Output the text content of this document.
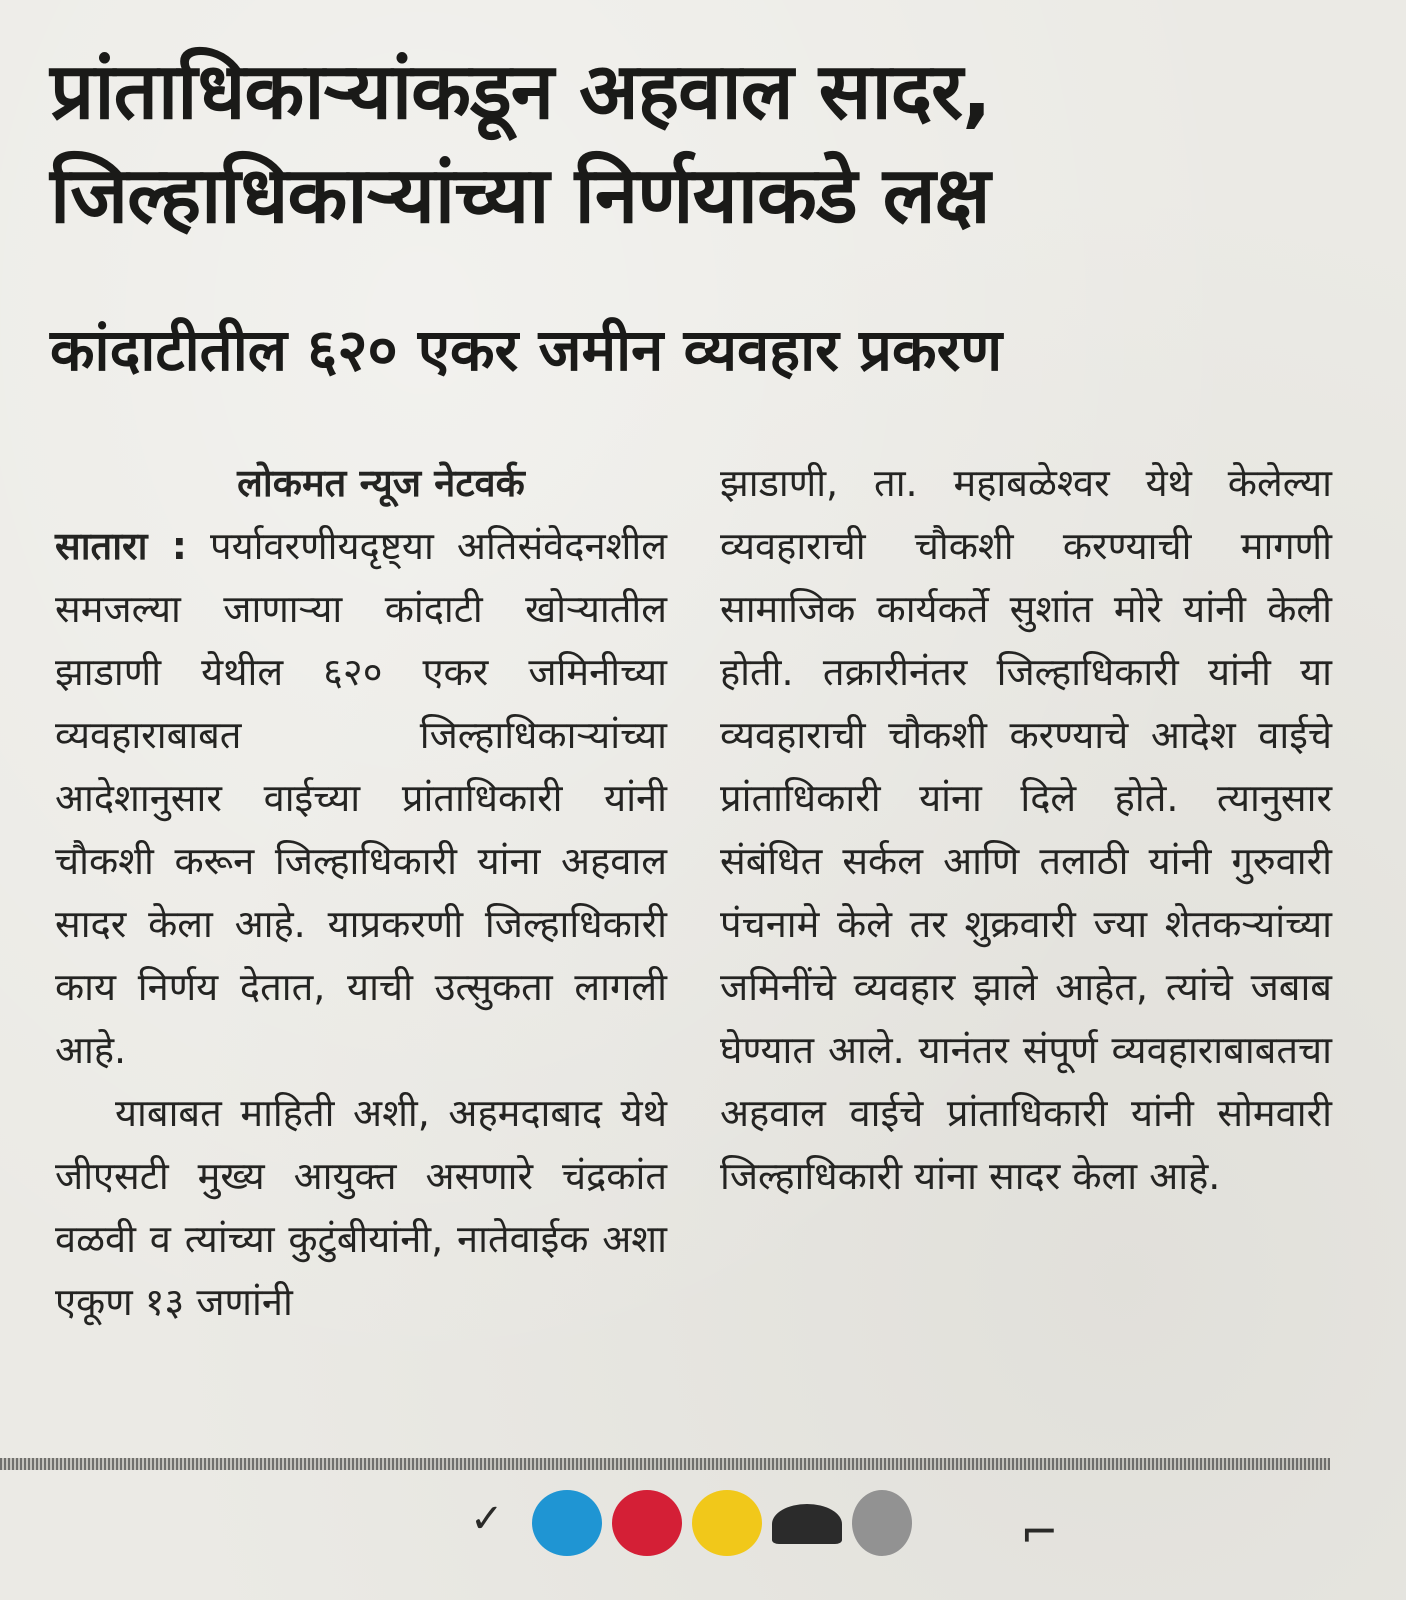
प्रांताधिकाऱ्यांकडून अहवाल सादर,
जिल्हाधिकाऱ्यांच्या निर्णयाकडे लक्ष
कांदाटीतील ६२० एकर जमीन व्यवहार प्रकरण

लोकमत न्यूज नेटवर्क

सातारा : पर्यावरणीयदृष्ट्या अतिसंवेदनशील समजल्या जाणाऱ्या कांदाटी खोऱ्यातील झाडाणी येथील ६२० एकर जमिनीच्या व्यवहाराबाबत जिल्हाधिकाऱ्यांच्या आदेशानुसार वाईच्या प्रांताधिकारी यांनी चौकशी करून जिल्हाधिकारी यांना अहवाल सादर केला आहे. याप्रकरणी जिल्हाधिकारी काय निर्णय देतात, याची उत्सुकता लागली आहे.

याबाबत माहिती अशी, अहमदाबाद येथे जीएसटी मुख्य आयुक्त असणारे चंद्रकांत वळवी व त्यांच्या कुटुंबीयांनी, नातेवाईक अशा एकूण १३ जणांनी

झाडाणी, ता. महाबळेश्वर येथे केलेल्या व्यवहाराची चौकशी करण्याची मागणी सामाजिक कार्यकर्ते सुशांत मोरे यांनी केली होती. तक्रारीनंतर जिल्हाधिकारी यांनी या व्यवहाराची चौकशी करण्याचे आदेश वाईचे प्रांताधिकारी यांना दिले होते. त्यानुसार संबंधित सर्कल आणि तलाठी यांनी गुरुवारी पंचनामे केले तर शुक्रवारी ज्या शेतकऱ्यांच्या जमिनींचे व्यवहार झाले आहेत, त्यांचे जबाब घेण्यात आले. यानंतर संपूर्ण व्यवहाराबाबतचा अहवाल वाईचे प्रांताधिकारी यांनी सोमवारी जिल्हाधिकारी यांना सादर केला आहे.

✓	⌐
